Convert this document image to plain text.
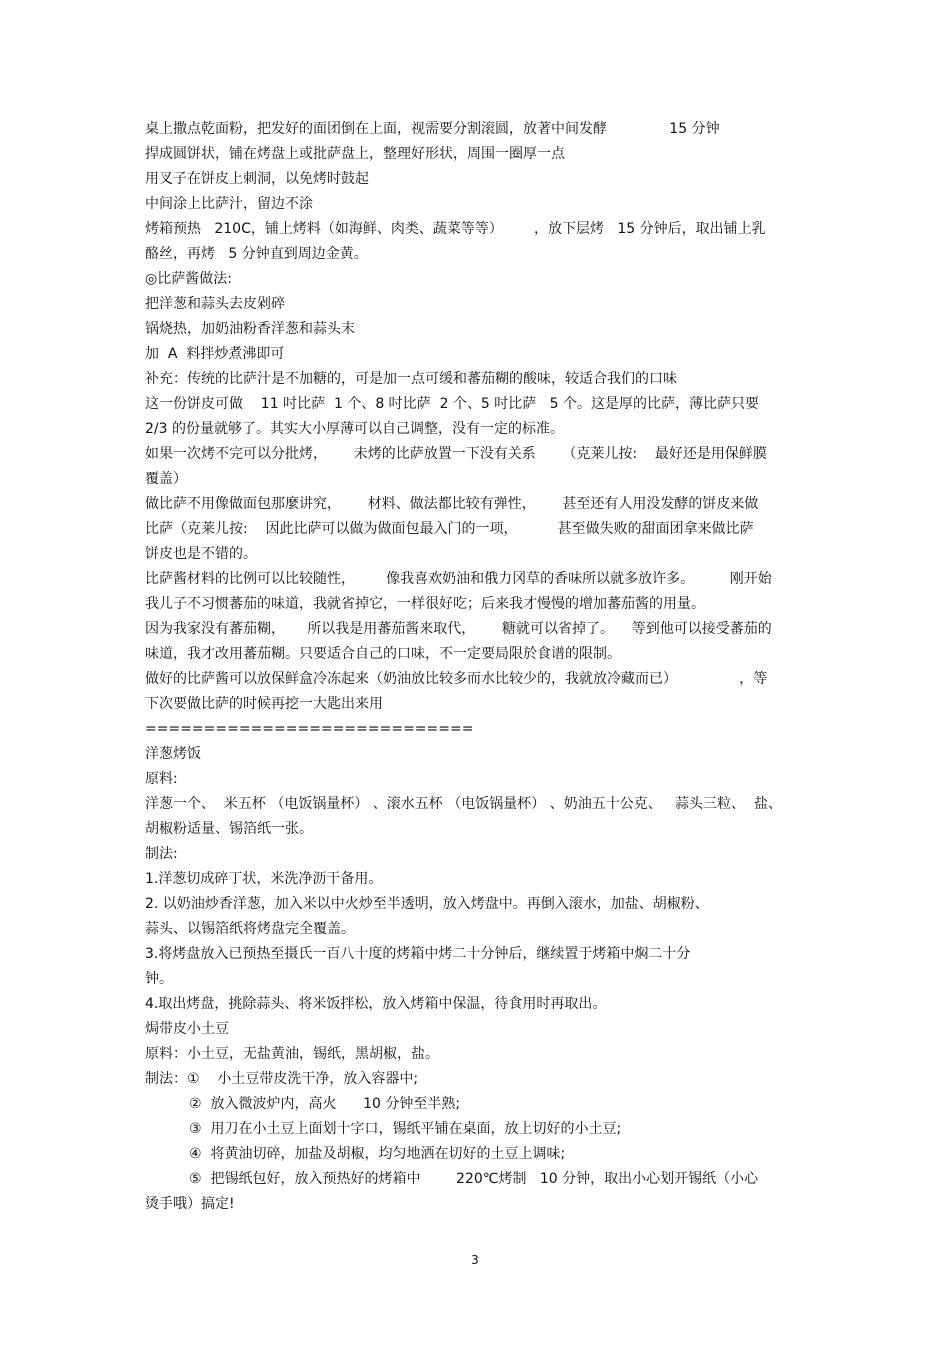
桌上撒点乾面粉，把发好的面团倒在上面，视需要分割滚圆，放著中间发酵              15 分钟
捍成圆饼状，铺在烤盘上或批萨盘上，整理好形状，周围一圈厚一点
用叉子在饼皮上刺洞，以免烤时鼓起
中间涂上比萨汁，留边不涂
烤箱预热   210C，铺上烤料（如海鲜、肉类、蔬菜等等）       ，放下层烤   15 分钟后，取出铺上乳
酪丝，再烤   5 分钟直到周边金黄。
◎比萨酱做法:
把洋葱和蒜头去皮剁碎
锅烧热，加奶油粉香洋葱和蒜头末
加  A  料拌炒煮沸即可
补充：传统的比萨汁是不加糖的，可是加一点可缓和蕃茄糊的酸味，较适合我们的口味
这一份饼皮可做    11 吋比萨  1 个、8 吋比萨  2 个、5 吋比萨   5 个。这是厚的比萨，薄比萨只要
2/3 的份量就够了。其实大小厚薄可以自己调整，没有一定的标准。
如果一次烤不完可以分批烤，      未烤的比萨放置一下没有关系      （克莱儿按:    最好还是用保鲜膜
覆盖）
做比萨不用像做面包那麼讲究，      材料、做法都比较有弹性，      甚至还有人用没发酵的饼皮来做
比萨（克莱儿按:    因此比萨可以做为做面包最入门的一项，         甚至做失败的甜面团拿来做比萨
饼皮也是不错的。
比萨酱材料的比例可以比较随性，       像我喜欢奶油和俄力冈草的香味所以就多放许多。        刚开始
我儿子不习惯蕃茄的味道，我就省掉它，一样很好吃；后来我才慢慢的增加蕃茄酱的用量。
因为我家没有蕃茄糊，     所以我是用蕃茄酱来取代，      糖就可以省掉了。    等到他可以接受蕃茄的
味道，我才改用蕃茄糊。只要适合自己的口味，不一定要局限於食谱的限制。
做好的比萨酱可以放保鲜盒冷冻起来（奶油放比较多而水比较少的，我就放冷藏而已）              ，等
下次要做比萨的时候再挖一大匙出来用
============================
洋葱烤饭
原料:
洋葱一个、  米五杯 （电饭锅量杯） 、滚水五杯 （电饭锅量杯） 、奶油五十公克、   蒜头三粒、  盐、
胡椒粉适量、锡箔纸一张。
制法:
1.洋葱切成碎丁状，米洗净沥干备用。
2. 以奶油炒香洋葱，加入米以中火炒至半透明，放入烤盘中。再倒入滚水，加盐、胡椒粉、
蒜头、以锡箔纸将烤盘完全覆盖。
3.将烤盘放入已预热至摄氏一百八十度的烤箱中烤二十分钟后，继续置于烤箱中焖二十分
钟。
4.取出烤盘，挑除蒜头、将米饭拌松，放入烤箱中保温，待食用时再取出。
焗带皮小土豆
原料：小土豆，无盐黄油，锡纸，黑胡椒，盐。
制法：①    小土豆带皮洗干净，放入容器中;
②  放入微波炉内，高火      10 分钟至半熟;
③  用刀在小土豆上面划十字口，锡纸平铺在桌面，放上切好的小土豆;
④  将黄油切碎，加盐及胡椒，均匀地洒在切好的土豆上调味;
⑤  把锡纸包好，放入预热好的烤箱中        220℃烤制   10 分钟，取出小心划开锡纸（小心
烫手哦）搞定!
3
